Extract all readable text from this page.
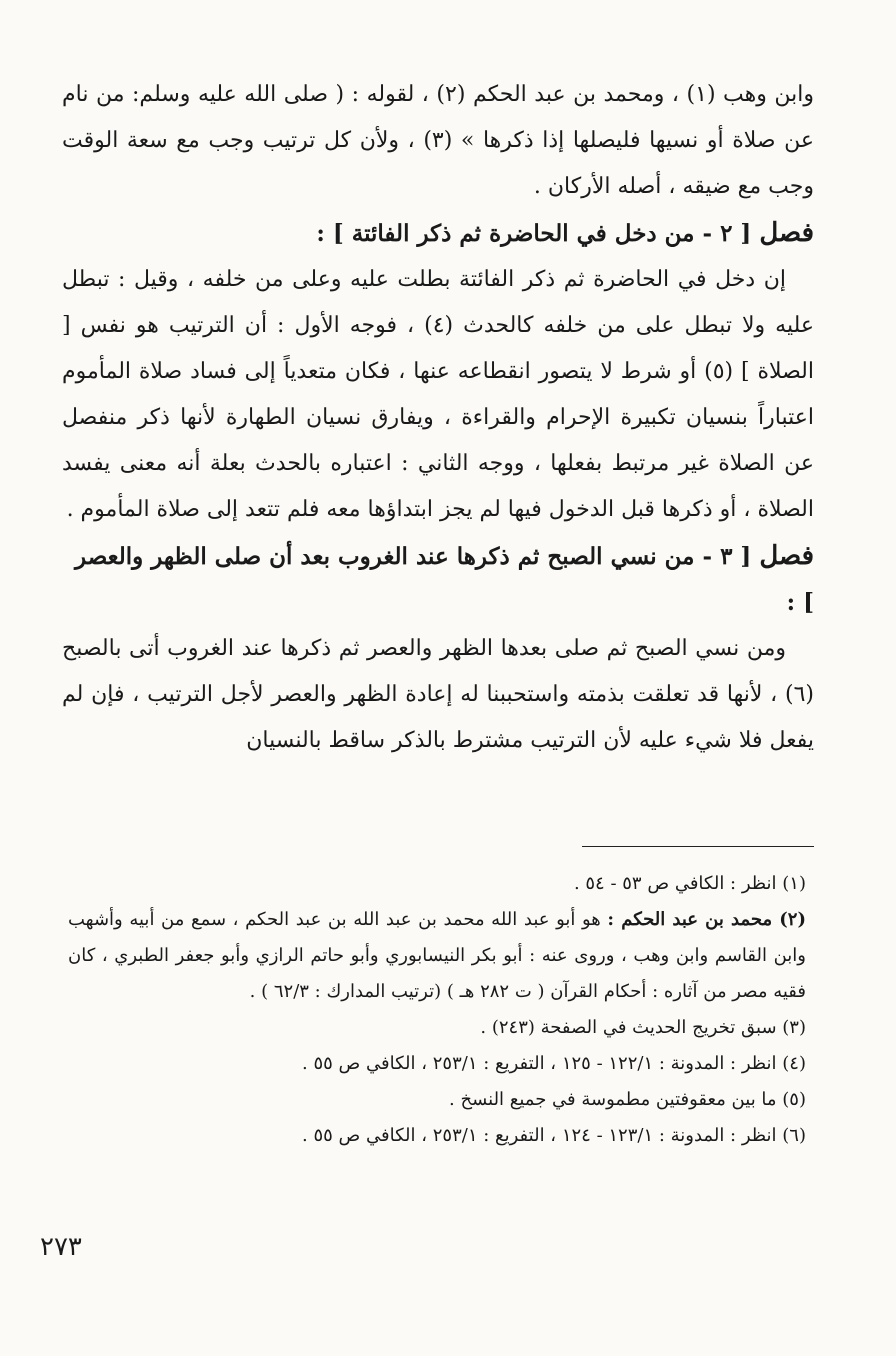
وابن وهب (١) ، ومحمد بن عبد الحكم (٢) ، لقوله : ( صلى الله عليه وسلم: من نام عن صلاة أو نسيها فليصلها إذا ذكرها » (٣) ، ولأن كل ترتيب وجب مع سعة الوقت وجب مع ضيقه ، أصله الأركان .

فصل [ ٢ - من دخل في الحاضرة ثم ذكر الفائتة ] :

إن دخل في الحاضرة ثم ذكر الفائتة بطلت عليه وعلى من خلفه ، وقيل : تبطل عليه ولا تبطل على من خلفه كالحدث (٤) ، فوجه الأول : أن الترتيب هو نفس [ الصلاة ] (٥) أو شرط لا يتصور انقطاعه عنها ، فكان متعدياً إلى فساد صلاة المأموم اعتباراً بنسيان تكبيرة الإحرام والقراءة ، ويفارق نسيان الطهارة لأنها ذكر منفصل عن الصلاة غير مرتبط بفعلها ، ووجه الثاني : اعتباره بالحدث بعلة أنه معنى يفسد الصلاة ، أو ذكرها قبل الدخول فيها لم يجز ابتداؤها معه فلم تتعد إلى صلاة المأموم .

فصل [ ٣ - من نسي الصبح ثم ذكرها عند الغروب بعد أن صلى الظهر والعصر ] :

ومن نسي الصبح ثم صلى بعدها الظهر والعصر ثم ذكرها عند الغروب أتى بالصبح (٦) ، لأنها قد تعلقت بذمته واستحببنا له إعادة الظهر والعصر لأجل الترتيب ، فإن لم يفعل فلا شيء عليه لأن الترتيب مشترط بالذكر ساقط بالنسيان

(١) انظر : الكافي ص ٥٣ - ٥٤ .

(٢) محمد بن عبد الحكم : هو أبو عبد الله محمد بن عبد الله بن عبد الحكم ، سمع من أبيه وأشهب وابن القاسم وابن وهب ، وروى عنه : أبو بكر النيسابوري وأبو حاتم الرازي وأبو جعفر الطبري ، كان فقيه مصر من آثاره : أحكام القرآن ( ت ٢٨٢ هـ ) (ترتيب المدارك : ٦٢/٣ ) .

(٣) سبق تخريج الحديث في الصفحة (٢٤٣) .

(٤) انظر : المدونة : ١٢٢/١ - ١٢٥ ، التفريع : ٢٥٣/١ ، الكافي ص ٥٥ .

(٥) ما بين معقوفتين مطموسة في جميع النسخ .

(٦) انظر : المدونة : ١٢٣/١ - ١٢٤ ، التفريع : ٢٥٣/١ ، الكافي ص ٥٥ .

٢٧٣
